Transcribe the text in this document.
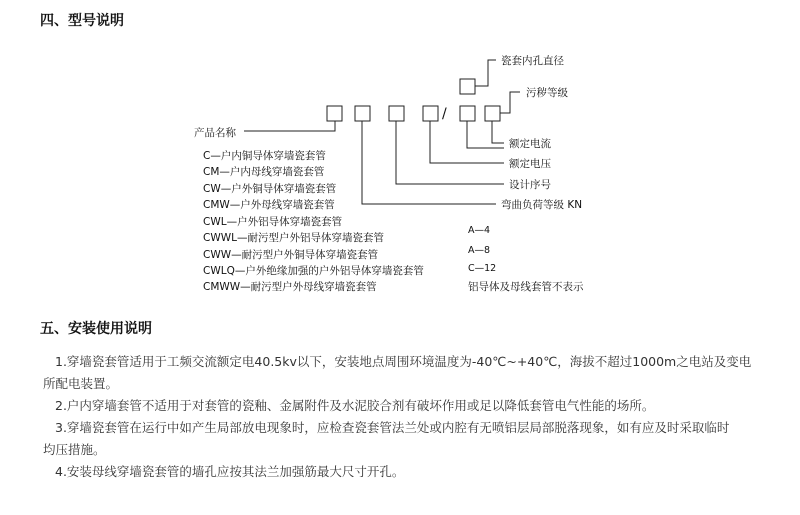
四、型号说明
/
瓷套内孔直径
污秽等级
额定电流
额定电压
设计序号
弯曲负荷等级 KN
A—4
A—8
C—12
铝导体及母线套管不表示
产品名称
C—户内铜导体穿墙瓷套管
CM—户内母线穿墙瓷套管
CW—户外铜导体穿墙瓷套管
CMW—户外母线穿墙瓷套管
CWL—户外铝导体穿墙瓷套管
CWWL—耐污型户外铝导体穿墙瓷套管
CWW—耐污型户外铜导体穿墙瓷套管
CWLQ—户外绝缘加强的户外铝导体穿墙瓷套管
CMWW—耐污型户外母线穿墙瓷套管
五、安装使用说明
1.穿墙瓷套管适用于工频交流额定电40.5kv以下，安装地点周围环境温度为-40℃~+40℃，海拔不超过1000m之电站及变电
所配电装置。
2.户内穿墙套管不适用于对套管的瓷釉、金属附件及水泥胶合剂有破坏作用或足以降低套管电气性能的场所。
3.穿墙瓷套管在运行中如产生局部放电现象时，应检查瓷套管法兰处或内腔有无喷铝层局部脱落现象，如有应及时采取临时
均压措施。
4.安装母线穿墙瓷套管的墙孔应按其法兰加强筋最大尺寸开孔。
